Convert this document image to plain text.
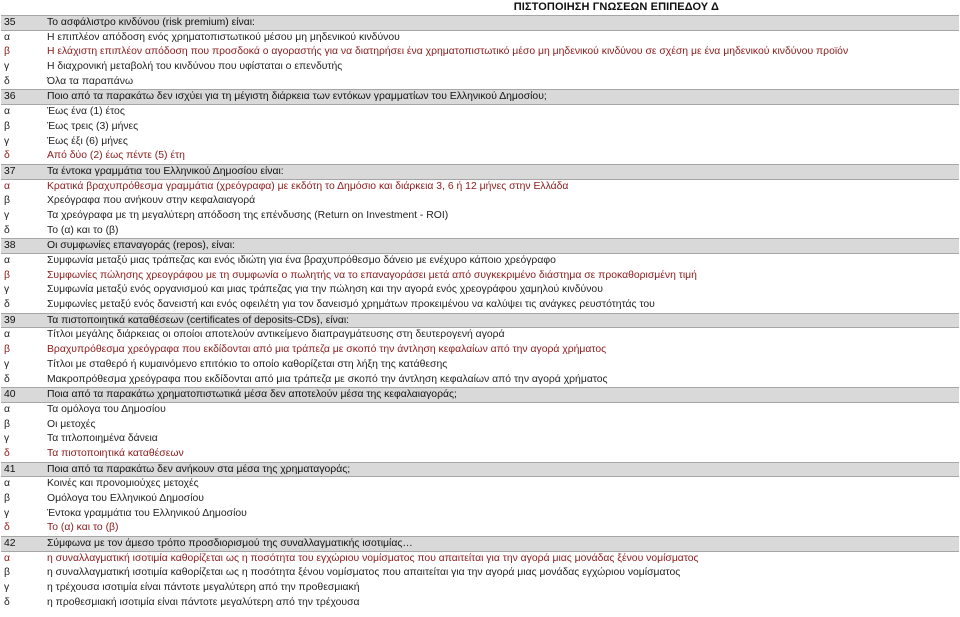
ΠΙΣΤΟΠΟΙΗΣΗ ΓΝΩΣΕΩΝ ΕΠΙΠΕΔΟΥ Δ
35	Το ασφάλιστρο κινδύνου (risk premium) είναι:
α	Η επιπλέον απόδοση ενός χρηματοπιστωτικού μέσου μη μηδενικού κινδύνου
β	Η ελάχιστη επιπλέον απόδοση που προσδοκά ο αγοραστής για να διατηρήσει ένα χρηματοπιστωτικό μέσο μη μηδενικού κινδύνου σε σχέση με ένα μηδενικού κινδύνου προϊόν
γ	Η διαχρονική μεταβολή του κινδύνου που υφίσταται ο επενδυτής
δ	Όλα τα παραπάνω
36	Ποιο από τα παρακάτω δεν ισχύει για τη μέγιστη διάρκεια των εντόκων γραμματίων του Ελληνικού Δημοσίου;
α	Έως ένα (1) έτος
β	Έως τρεις (3) μήνες
γ	Έως έξι (6) μήνες
δ	Από δύο (2) έως πέντε (5) έτη
37	Τα έντοκα γραμμάτια του Ελληνικού Δημοσίου είναι:
α	Κρατικά βραχυπρόθεσμα γραμμάτια (χρεόγραφα) με εκδότη το Δημόσιο και διάρκεια 3, 6 ή 12 μήνες στην Ελλάδα
β	Χρεόγραφα που ανήκουν στην κεφαλαιαγορά
γ	Τα χρεόγραφα με τη μεγαλύτερη απόδοση της επένδυσης (Return on Investment - ROI)
δ	Το (α) και το (β)
38	Οι συμφωνίες επαναγοράς (repos), είναι:
α	Συμφωνία μεταξύ μιας τράπεζας και ενός ιδιώτη για ένα βραχυπρόθεσμο δάνειο με ενέχυρο κάποιο χρεόγραφο
β	Συμφωνίες πώλησης χρεογράφου με τη συμφωνία ο πωλητής να το επαναγοράσει μετά από συγκεκριμένο διάστημα σε προκαθορισμένη τιμή
γ	Συμφωνία μεταξύ ενός οργανισμού και μιας τράπεζας για την πώληση και την αγορά ενός χρεογράφου χαμηλού κινδύνου
δ	Συμφωνίες μεταξύ ενός δανειστή και ενός οφειλέτη για τον δανεισμό χρημάτων προκειμένου να καλύψει τις ανάγκες ρευστότητάς του
39	Τα πιστοποιητικά καταθέσεων (certificates of deposits-CDs), είναι:
α	Τίτλοι μεγάλης διάρκειας οι οποίοι αποτελούν αντικείμενο διαπραγμάτευσης στη δευτερογενή αγορά
β	Βραχυπρόθεσμα χρεόγραφα που εκδίδονται από μια τράπεζα με σκοπό την άντληση κεφαλαίων από την αγορά χρήματος
γ	Τίτλοι με σταθερό ή κυμαινόμενο επιτόκιο το οποίο καθορίζεται στη λήξη της κατάθεσης
δ	Μακροπρόθεσμα χρεόγραφα που εκδίδονται από μια τράπεζα με σκοπό την άντληση κεφαλαίων από την αγορά χρήματος
40	Ποια από τα παρακάτω χρηματοπιστωτικά μέσα δεν αποτελούν μέσα της κεφαλαιαγοράς;
α	Τα ομόλογα του Δημοσίου
β	Οι μετοχές
γ	Τα τιτλοποιημένα δάνεια
δ	Τα πιστοποιητικά καταθέσεων
41	Ποια από τα παρακάτω δεν ανήκουν στα μέσα της χρηματαγοράς;
α	Κοινές και προνομιούχες μετοχές
β	Ομόλογα του Ελληνικού Δημοσίου
γ	Έντοκα γραμμάτια του Ελληνικού Δημοσίου
δ	Το (α) και το (β)
42	Σύμφωνα με τον άμεσο τρόπο προσδιορισμού της συναλλαγματικής ισοτιμίας…
α	η συναλλαγματική ισοτιμία καθορίζεται ως η ποσότητα του εγχώριου νομίσματος που απαιτείται για την αγορά μιας μονάδας ξένου νομίσματος
β	η συναλλαγματική ισοτιμία καθορίζεται ως η ποσότητα ξένου νομίσματος που απαιτείται για την αγορά μιας μονάδας εγχώριου νομίσματος
γ	η τρέχουσα ισοτιμία είναι πάντοτε μεγαλύτερη από την προθεσμιακή
δ	η προθεσμιακή ισοτιμία είναι πάντοτε μεγαλύτερη από την τρέχουσα
